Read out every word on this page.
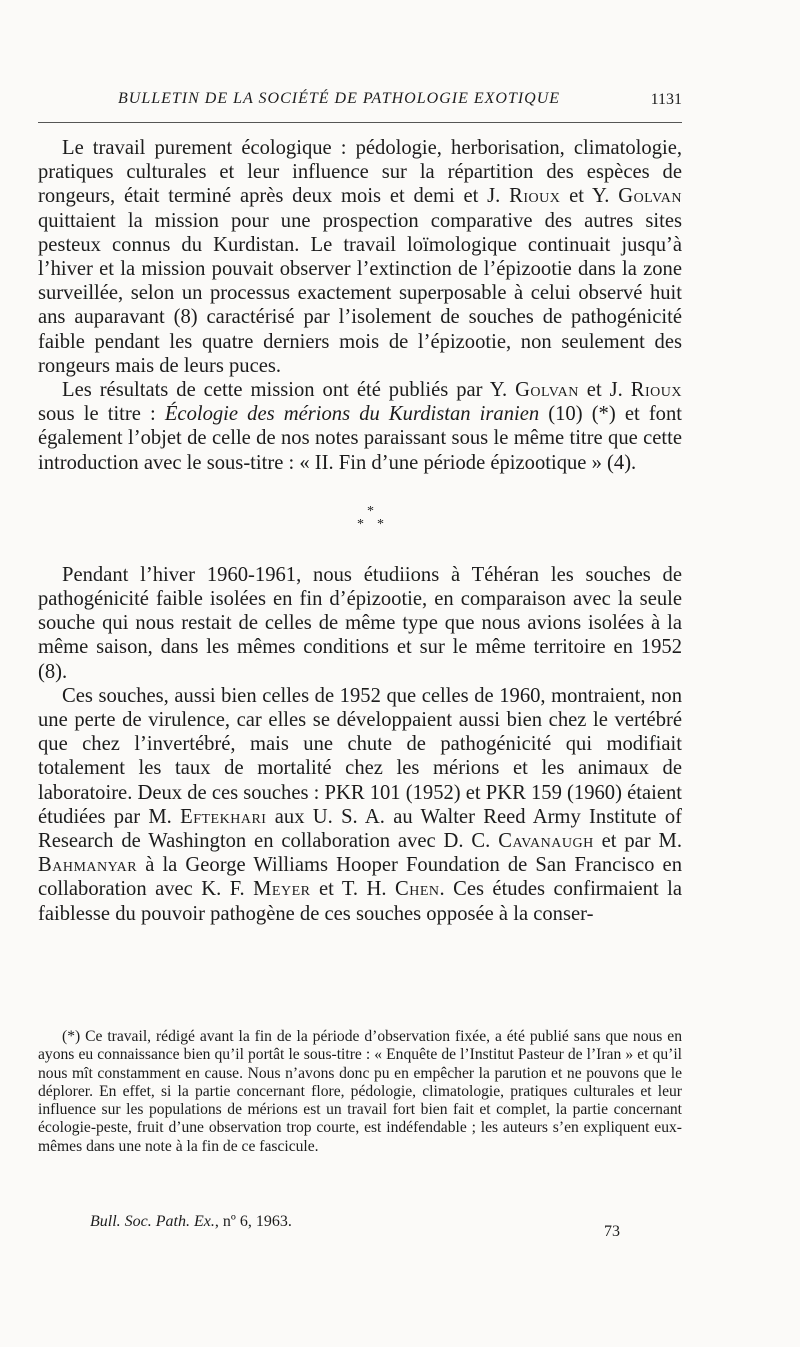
BULLETIN DE LA SOCIÉTÉ DE PATHOLOGIE EXOTIQUE	1131

Le travail purement écologique : pédologie, herborisation, climatologie, pratiques culturales et leur influence sur la répartition des espèces de rongeurs, était terminé après deux mois et demi et J. Rioux et Y. Golvan quittaient la mission pour une prospection comparative des autres sites pesteux connus du Kurdistan. Le travail loïmologique continuait jusqu’à l’hiver et la mission pouvait observer l’extinction de l’épizootie dans la zone surveillée, selon un processus exactement superposable à celui observé huit ans auparavant (8) caractérisé par l’isolement de souches de pathogénicité faible pendant les quatre derniers mois de l’épizootie, non seulement des rongeurs mais de leurs puces.

Les résultats de cette mission ont été publiés par Y. Golvan et J. Rioux sous le titre : Écologie des mérions du Kurdistan iranien (10) (*) et font également l’objet de celle de nos notes paraissant sous le même titre que cette introduction avec le sous-titre : « II. Fin d’une période épizootique » (4).

*
* *

Pendant l’hiver 1960-1961, nous étudiions à Téhéran les souches de pathogénicité faible isolées en fin d’épizootie, en comparaison avec la seule souche qui nous restait de celles de même type que nous avions isolées à la même saison, dans les mêmes conditions et sur le même territoire en 1952 (8).

Ces souches, aussi bien celles de 1952 que celles de 1960, montraient, non une perte de virulence, car elles se développaient aussi bien chez le vertébré que chez l’invertébré, mais une chute de pathogénicité qui modifiait totalement les taux de mortalité chez les mérions et les animaux de laboratoire. Deux de ces souches : PKR 101 (1952) et PKR 159 (1960) étaient étudiées par M. Eftekhari aux U. S. A. au Walter Reed Army Institute of Research de Washington en collaboration avec D. C. Cavanaugh et par M. Bahmanyar à la George Williams Hooper Foundation de San Francisco en collaboration avec K. F. Meyer et T. H. Chen. Ces études confirmaient la faiblesse du pouvoir pathogène de ces souches opposée à la conser-

(*) Ce travail, rédigé avant la fin de la période d’observation fixée, a été publié sans que nous en ayons eu connaissance bien qu’il portât le sous-titre : « Enquête de l’Institut Pasteur de l’Iran » et qu’il nous mît constamment en cause. Nous n’avons donc pu en empêcher la parution et ne pouvons que le déplorer. En effet, si la partie concernant flore, pédologie, climatologie, pratiques culturales et leur influence sur les populations de mérions est un travail fort bien fait et complet, la partie concernant écologie-peste, fruit d’une observation trop courte, est indéfendable ; les auteurs s’en expliquent eux-mêmes dans une note à la fin de ce fascicule.

Bull. Soc. Path. Ex., nº 6, 1963.
73
